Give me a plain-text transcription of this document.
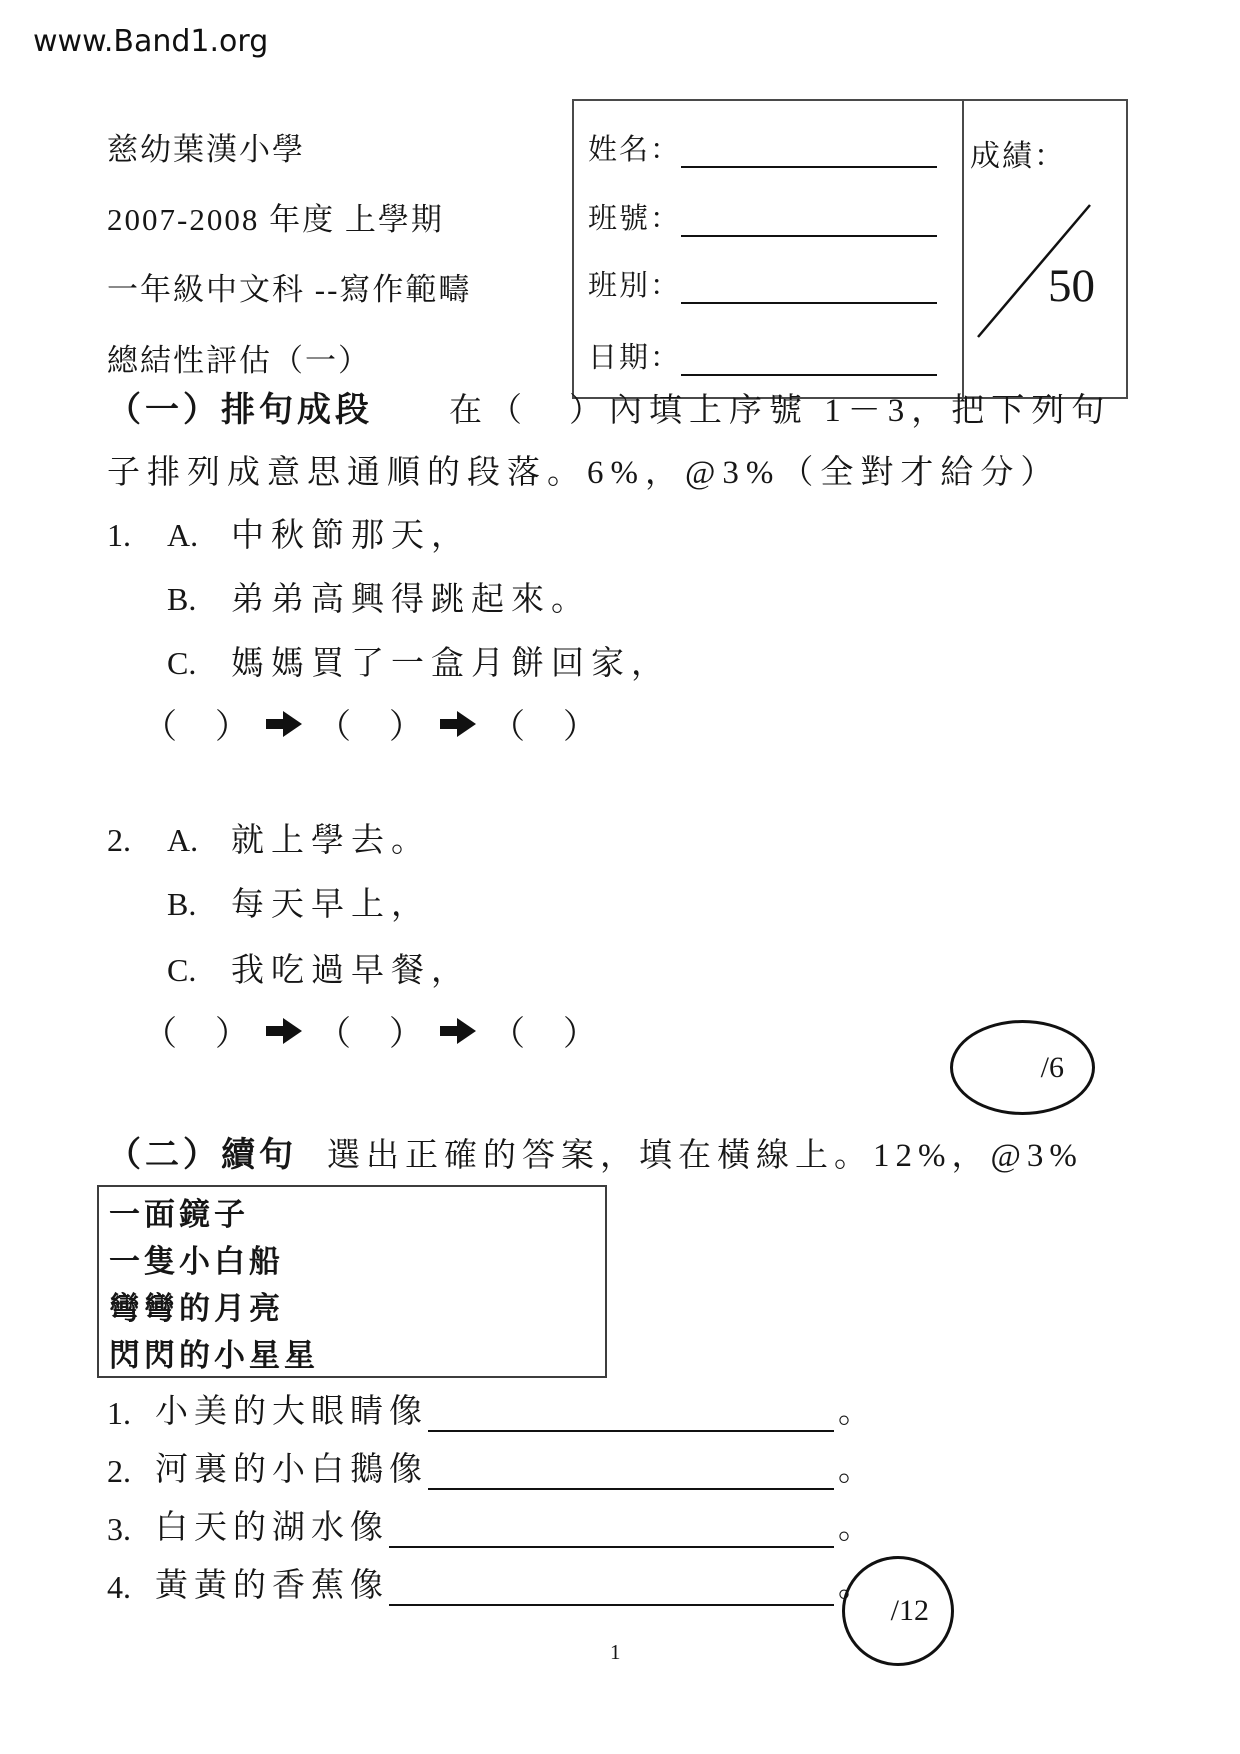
www.Band1.org
慈幼葉漢小學
2007-2008 年度 上學期
一年級中文科 --寫作範疇
總結性評估（一）
姓名：
班號：
班別：
日期：
成績：
50
（一）排句成段 在（　）內填上序號 1－3，把下列句
子排列成意思通順的段落。6%，@3%（全對才給分）
1. A. 中秋節那天，
B. 弟弟高興得跳起來。
C. 媽媽買了一盒月餅回家，
（　） （　） （　）
2. A. 就上學去。
B. 每天早上，
C. 我吃過早餐，
（　） （　） （　）
/6
（二）續句 選出正確的答案，填在橫線上。12%，@3%
一面鏡子
一隻小白船
彎彎的月亮
閃閃的小星星
1. 小美的大眼睛像	。
2. 河裏的小白鵝像	。
3. 白天的湖水像	。
4. 黃黃的香蕉像	。
/12
1
